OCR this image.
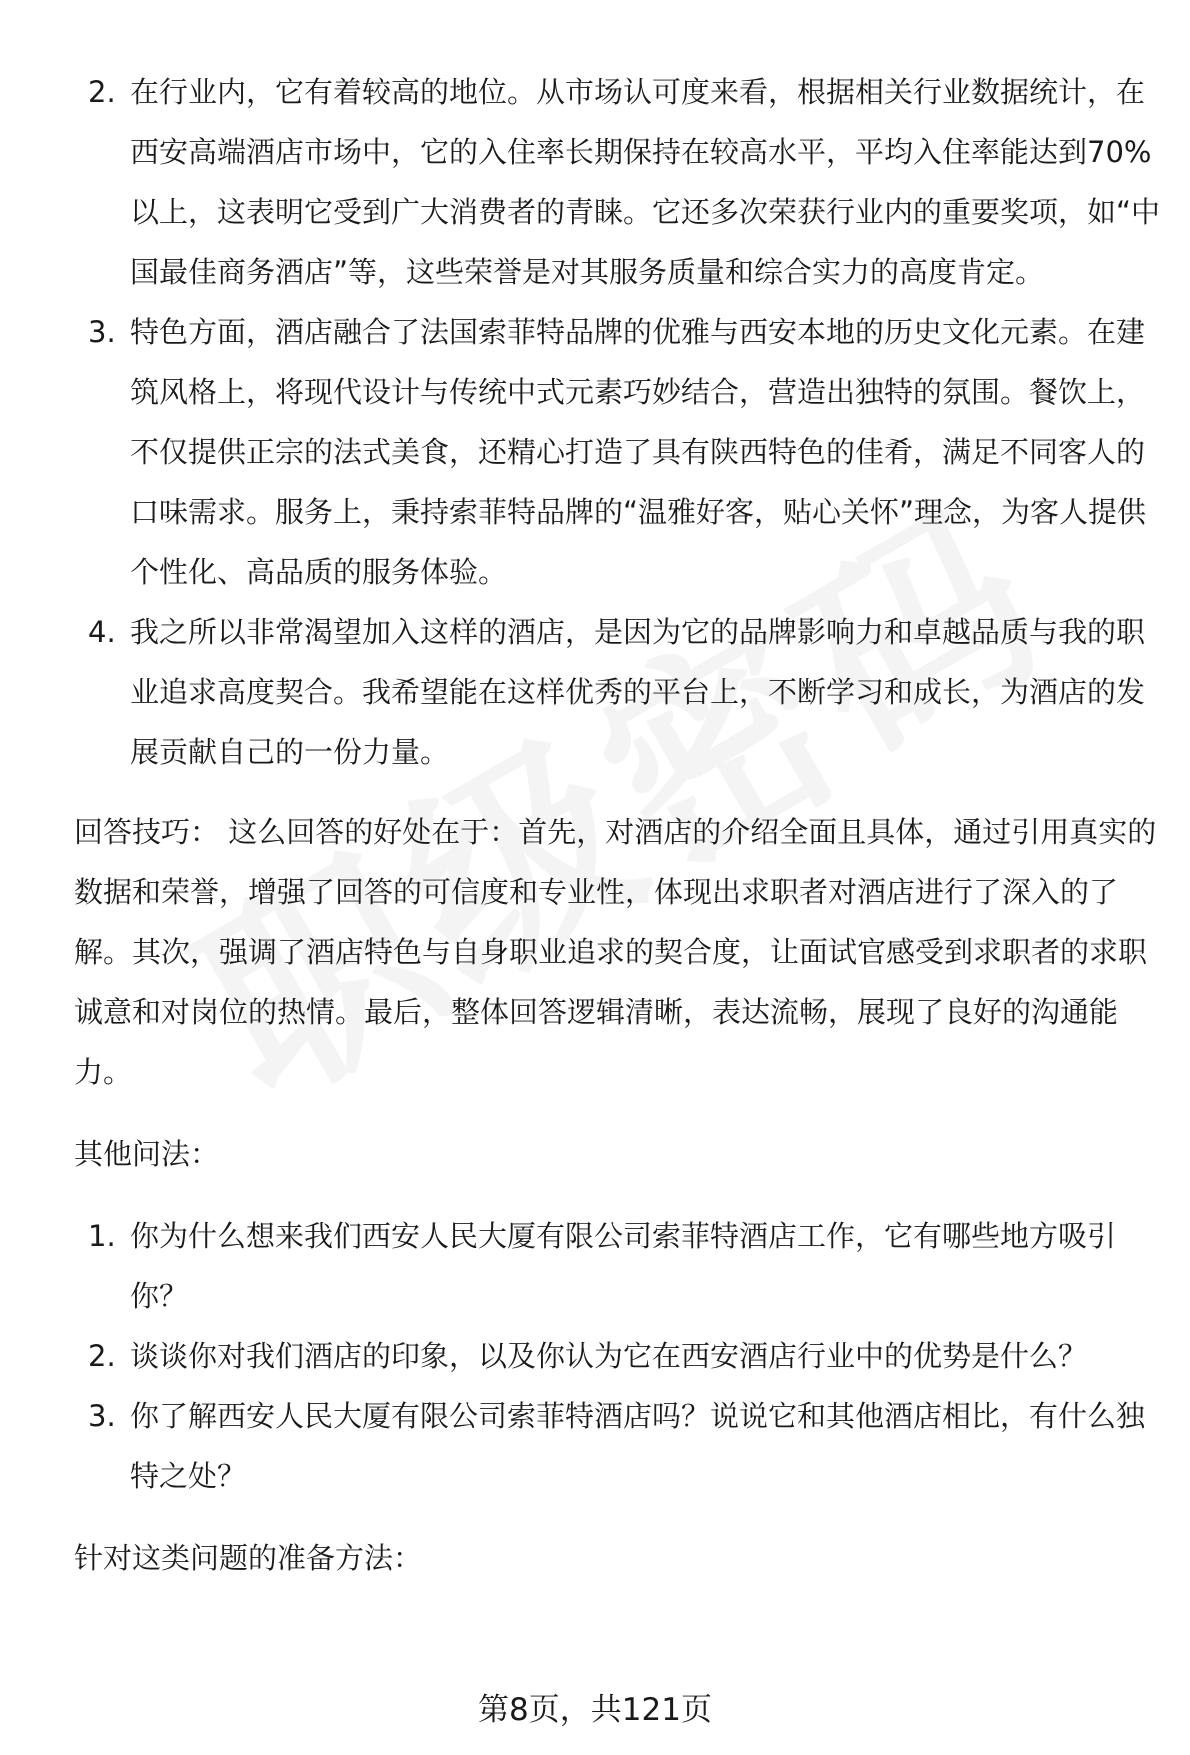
2. 在行业内，它有着较高的地位。从市场认可度来看，根据相关行业数据统计，在西安高端酒店市场中，它的入住率长期保持在较高水平，平均入住率能达到70%以上，这表明它受到广大消费者的青睐。它还多次荣获行业内的重要奖项，如“中国最佳商务酒店”等，这些荣誉是对其服务质量和综合实力的高度肯定。
3. 特色方面，酒店融合了法国索菲特品牌的优雅与西安本地的历史文化元素。在建筑风格上，将现代设计与传统中式元素巧妙结合，营造出独特的氛围。餐饮上，不仅提供正宗的法式美食，还精心打造了具有陕西特色的佳肴，满足不同客人的口味需求。服务上，秉持索菲特品牌的“温雅好客，贴心关怀”理念，为客人提供个性化、高品质的服务体验。
4. 我之所以非常渴望加入这样的酒店，是因为它的品牌影响力和卓越品质与我的职业追求高度契合。我希望能在这样优秀的平台上，不断学习和成长，为酒店的发展贡献自己的一份力量。

回答技巧： 这么回答的好处在于：首先，对酒店的介绍全面且具体，通过引用真实的数据和荣誉，增强了回答的可信度和专业性，体现出求职者对酒店进行了深入的了解。其次，强调了酒店特色与自身职业追求的契合度，让面试官感受到求职者的求职诚意和对岗位的热情。最后，整体回答逻辑清晰，表达流畅，展现了良好的沟通能力。

其他问法：

1. 你为什么想来我们西安人民大厦有限公司索菲特酒店工作，它有哪些地方吸引你？
2. 谈谈你对我们酒店的印象，以及你认为它在西安酒店行业中的优势是什么？
3. 你了解西安人民大厦有限公司索菲特酒店吗？说说它和其他酒店相比，有什么独特之处？

针对这类问题的准备方法：

第8页，共121页
